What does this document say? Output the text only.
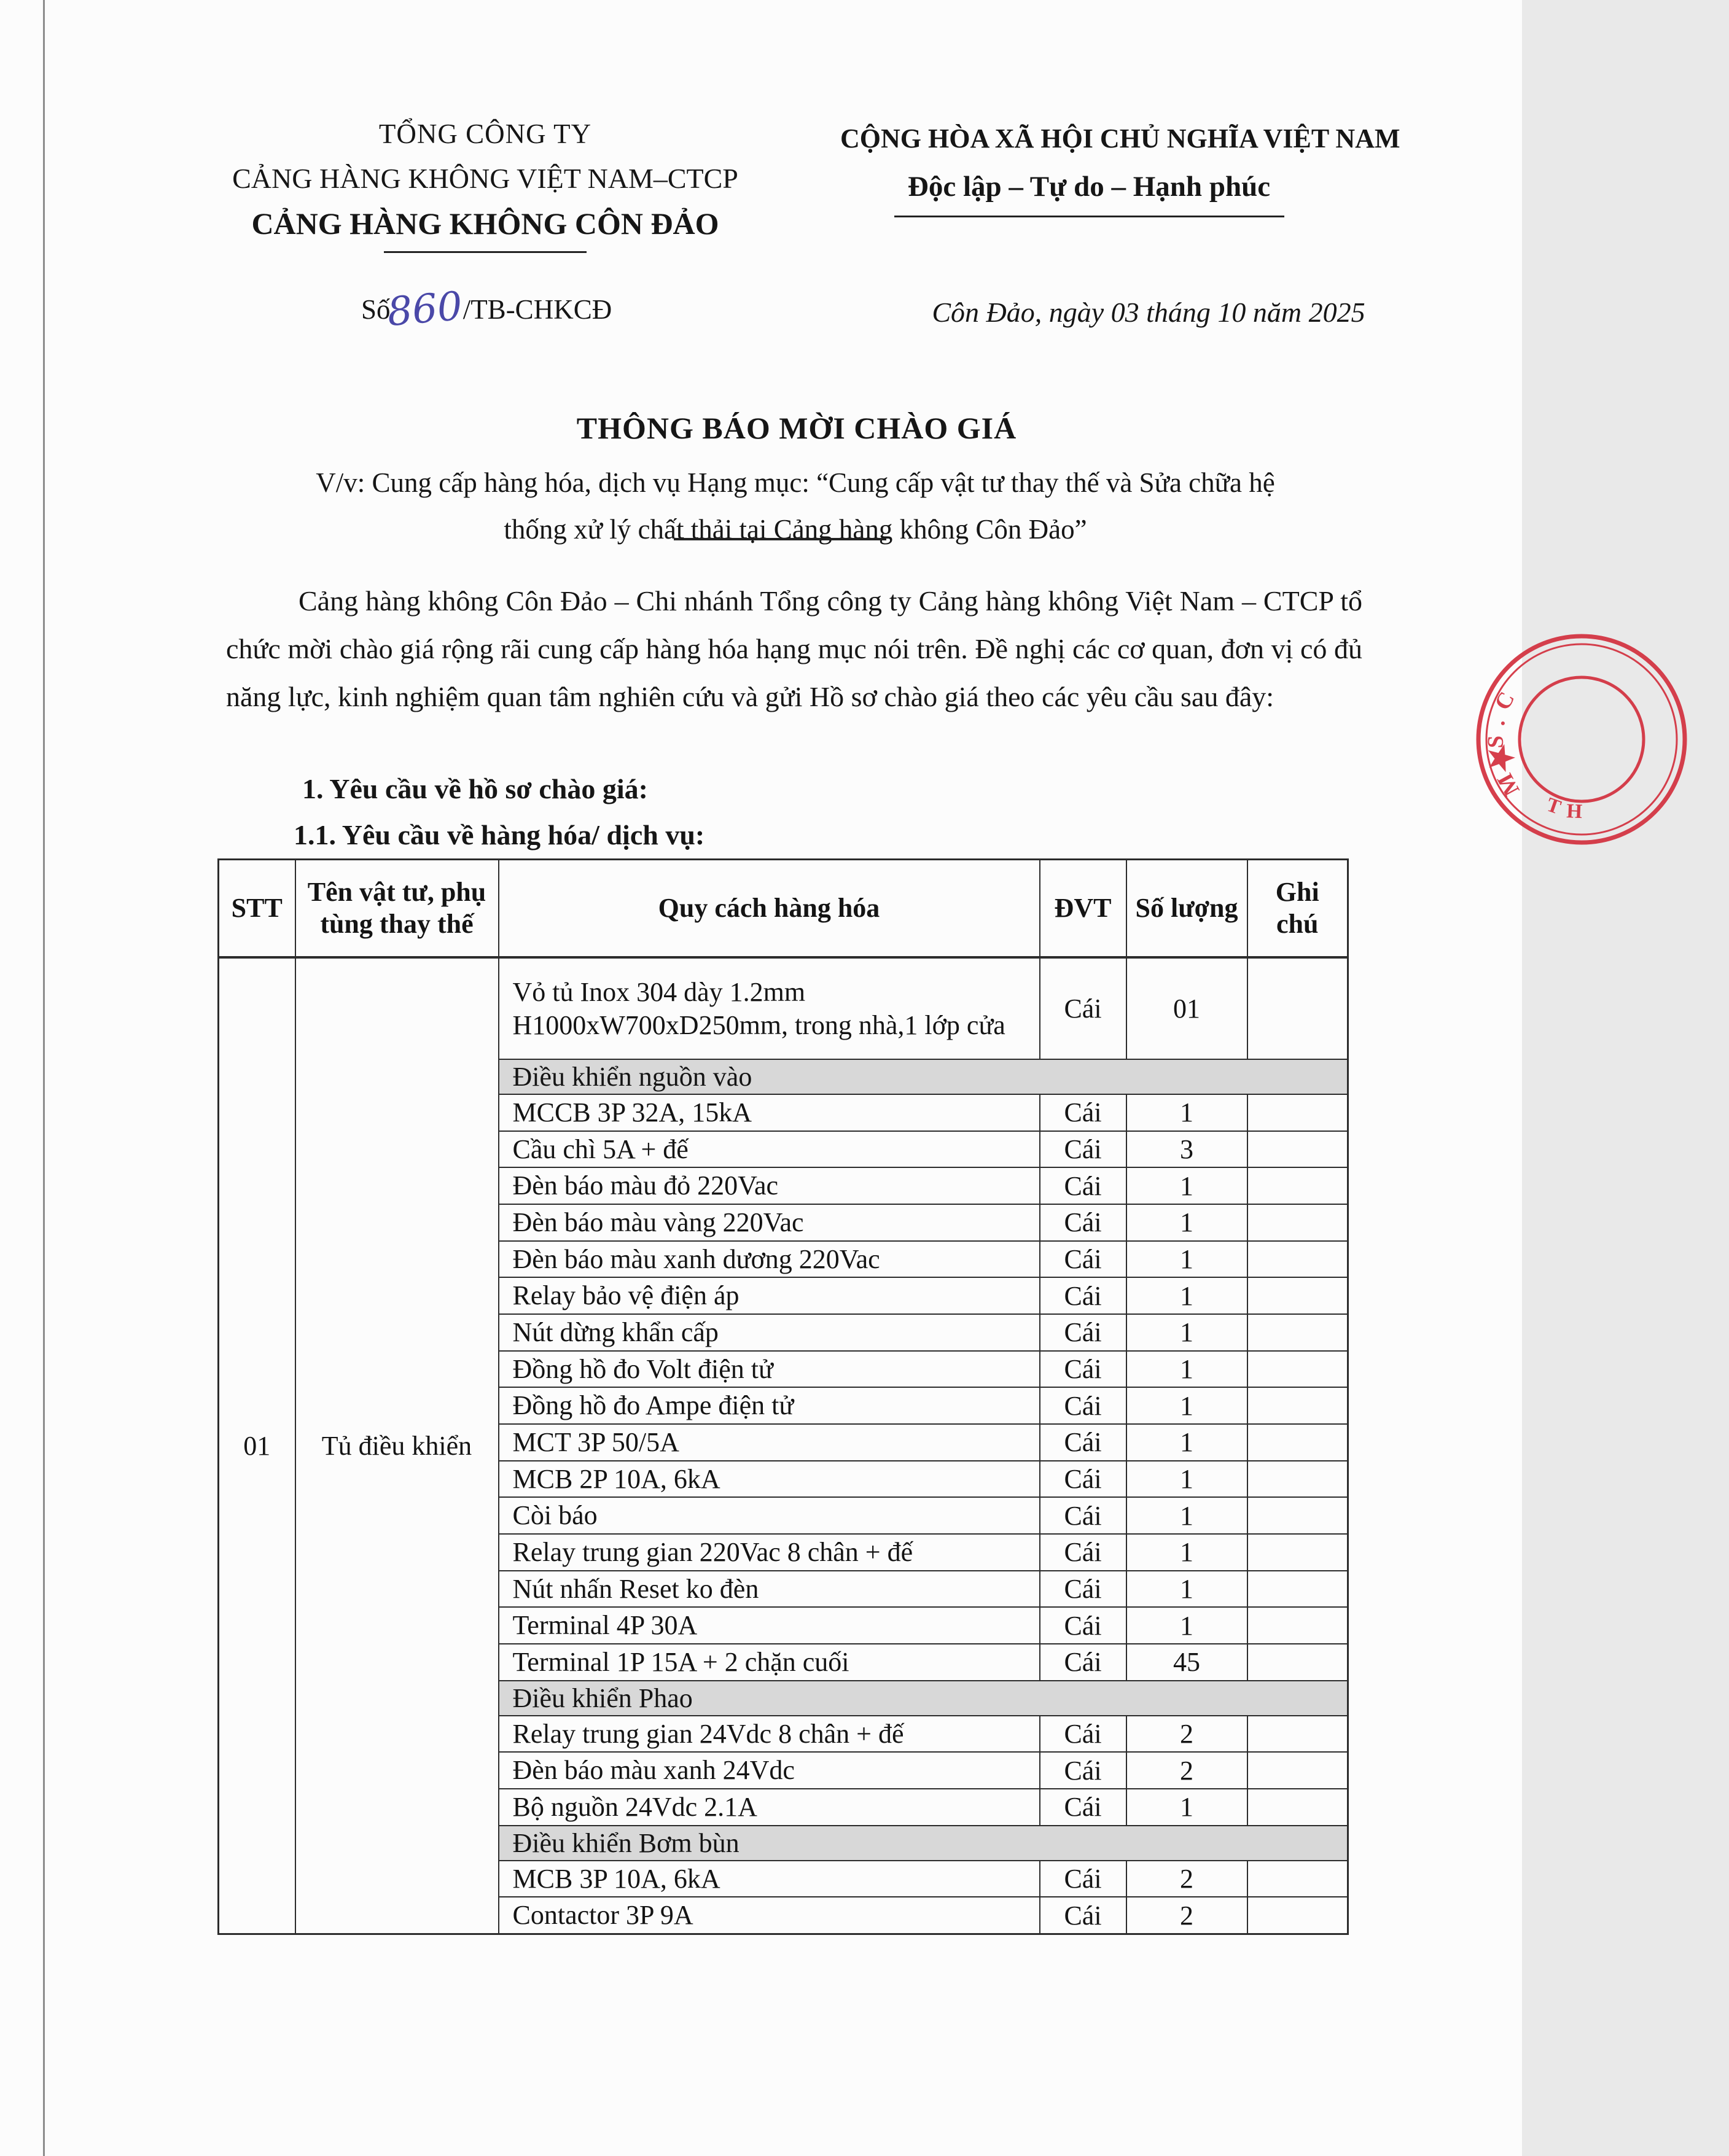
TỔNG CÔNG TY
CẢNG HÀNG KHÔNG VIỆT NAM–CTCP
CẢNG HÀNG KHÔNG CÔN ĐẢO
CỘNG HÒA XÃ HỘI CHỦ NGHĨA VIỆT NAM
Độc lập – Tự do – Hạnh phúc
Số860/TB-CHKCĐ	Côn Đảo, ngày 03 tháng 10 năm 2025
THÔNG BÁO MỜI CHÀO GIÁ
V/v: Cung cấp hàng hóa, dịch vụ Hạng mục: “Cung cấp vật tư thay thế và Sửa chữa hệ
thống xử lý chất thải tại Cảng hàng không Côn Đảo”
Cảng hàng không Côn Đảo – Chi nhánh Tổng công ty Cảng hàng không Việt Nam – CTCP tổ chức mời chào giá rộng rãi cung cấp hàng hóa hạng mục nói trên. Đề nghị các cơ quan, đơn vị có đủ năng lực, kinh nghiệm quan tâm nghiên cứu và gửi Hồ sơ chào giá theo các yêu cầu sau đây:
1. Yêu cầu về hồ sơ chào giá:
1.1. Yêu cầu về hàng hóa/ dịch vụ:
STT	Tên vật tư, phụ tùng thay thế	Quy cách hàng hóa	ĐVT	Số lượng	Ghi chú
01	Tủ điều khiển	Vỏ tủ Inox 304 dày 1.2mm H1000xW700xD250mm, trong nhà,1 lớp cửa	Cái	01	
		Điều khiển nguồn vào			
		MCCB 3P 32A, 15kA	Cái	1	
		Cầu chì 5A + đế	Cái	3	
		Đèn báo màu đỏ 220Vac	Cái	1	
		Đèn báo màu vàng 220Vac	Cái	1	
		Đèn báo màu xanh dương 220Vac	Cái	1	
		Relay bảo vệ điện áp	Cái	1	
		Nút dừng khẩn cấp	Cái	1	
		Đồng hồ đo Volt điện tử	Cái	1	
		Đồng hồ đo Ampe điện tử	Cái	1	
		MCT 3P 50/5A	Cái	1	
		MCB 2P 10A, 6kA	Cái	1	
		Còi báo	Cái	1	
		Relay trung gian 220Vac 8 chân + đế	Cái	1	
		Nút nhấn Reset ko đèn	Cái	1	
		Terminal 4P 30A	Cái	1	
		Terminal 1P 15A + 2 chặn cuối	Cái	45	
		Điều khiển Phao			
		Relay trung gian 24Vdc 8 chân + đế	Cái	2	
		Đèn báo màu xanh 24Vdc	Cái	2	
		Bộ nguồn 24Vdc 2.1A	Cái	1	
		Điều khiển Bơm bùn			
		MCB 3P 10A, 6kA	Cái	2	
		Contactor 3P 9A	Cái	2	
M.S.C
TH
